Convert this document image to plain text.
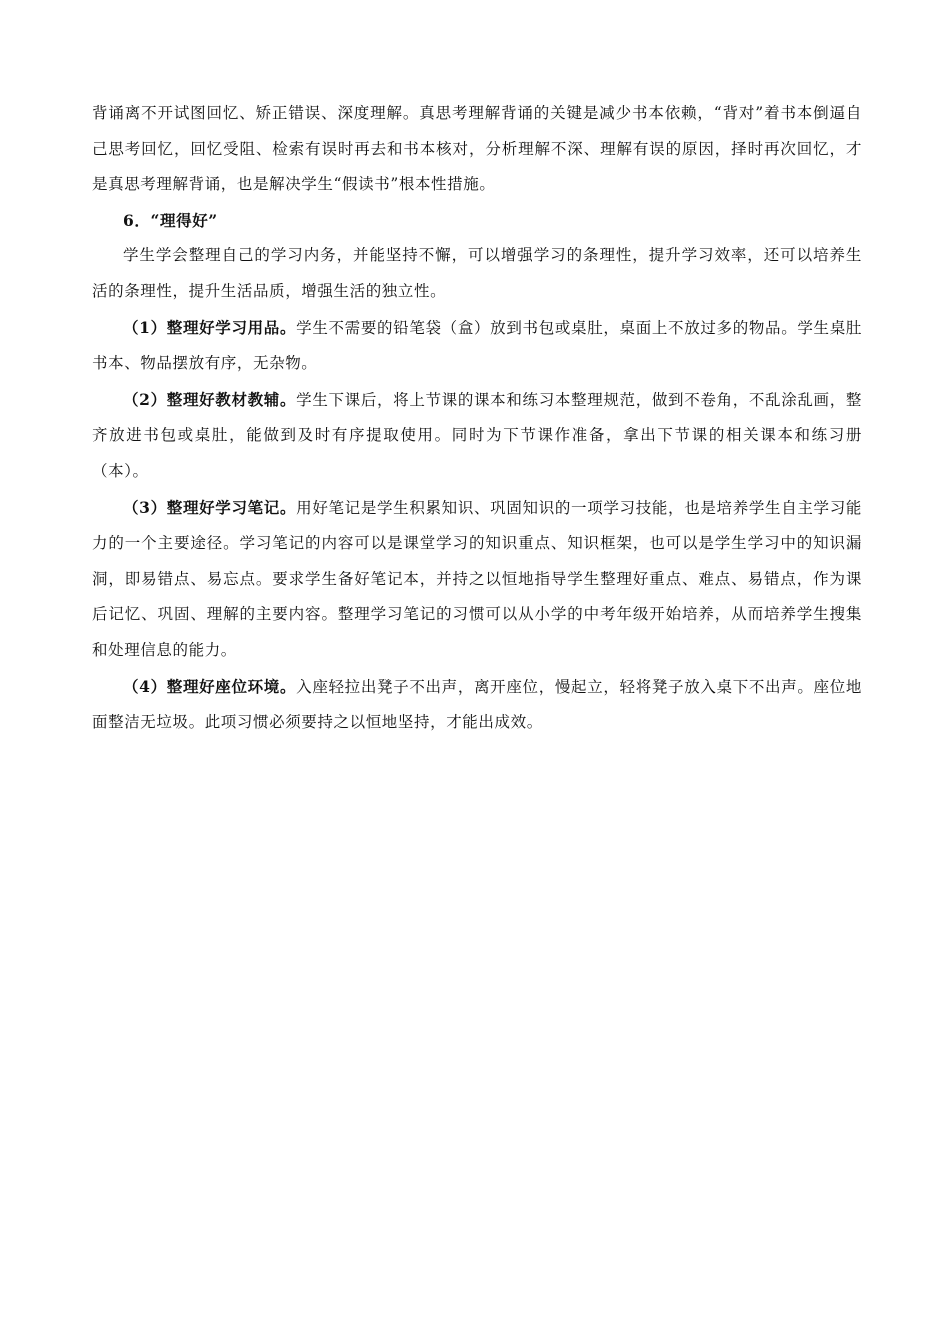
背诵离不开试图回忆、矫正错误、深度理解。真思考理解背诵的关键是减少书本依赖，“背对”着书本倒逼自己思考回忆，回忆受阻、检索有误时再去和书本核对，分析理解不深、理解有误的原因，择时再次回忆，才是真思考理解背诵，也是解决学生“假读书”根本性措施。

6．“理得好”

学生学会整理自己的学习内务，并能坚持不懈，可以增强学习的条理性，提升学习效率，还可以培养生活的条理性，提升生活品质，增强生活的独立性。

（1）整理好学习用品。学生不需要的铅笔袋（盒）放到书包或桌肚，桌面上不放过多的物品。学生桌肚书本、物品摆放有序，无杂物。

（2）整理好教材教辅。学生下课后，将上节课的课本和练习本整理规范，做到不卷角，不乱涂乱画，整齐放进书包或桌肚，能做到及时有序提取使用。同时为下节课作准备，拿出下节课的相关课本和练习册（本）。

（3）整理好学习笔记。用好笔记是学生积累知识、巩固知识的一项学习技能，也是培养学生自主学习能力的一个主要途径。学习笔记的内容可以是课堂学习的知识重点、知识框架，也可以是学生学习中的知识漏洞，即易错点、易忘点。要求学生备好笔记本，并持之以恒地指导学生整理好重点、难点、易错点，作为课后记忆、巩固、理解的主要内容。整理学习笔记的习惯可以从小学的中考年级开始培养，从而培养学生搜集和处理信息的能力。

（4）整理好座位环境。入座轻拉出凳子不出声，离开座位，慢起立，轻将凳子放入桌下不出声。座位地面整洁无垃圾。此项习惯必须要持之以恒地坚持，才能出成效。
